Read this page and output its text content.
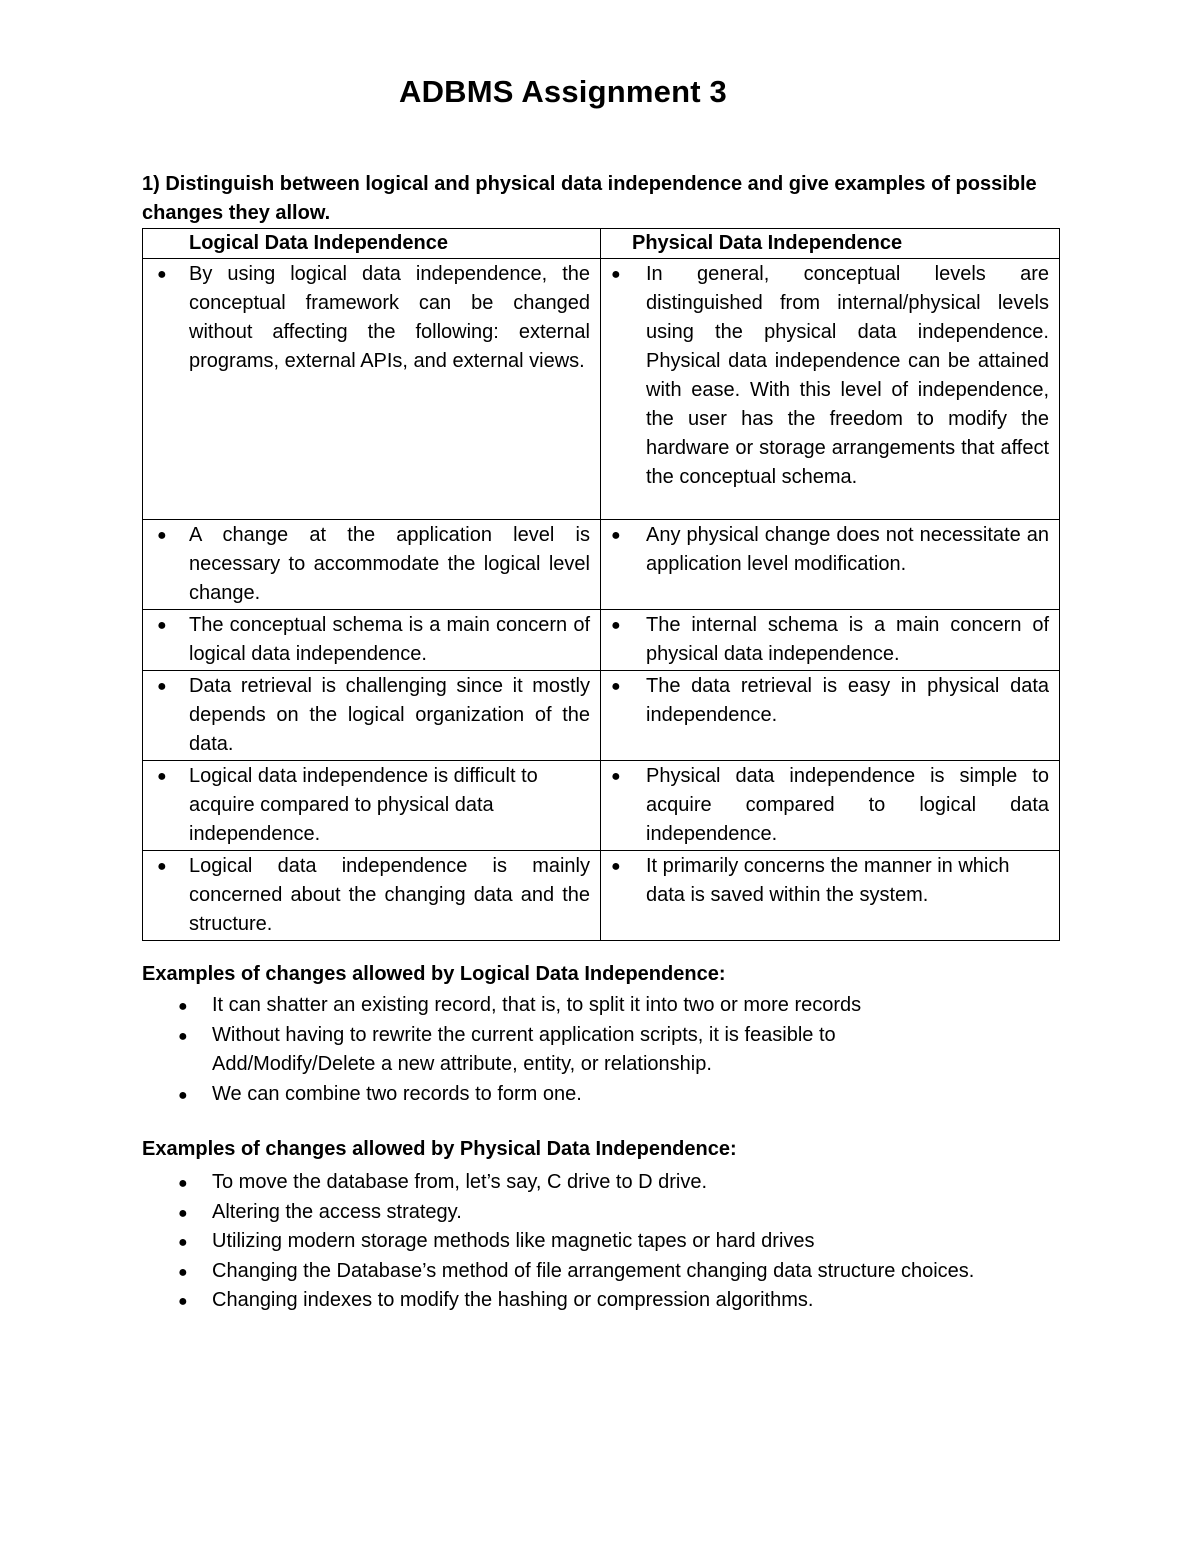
ADBMS Assignment 3
1) Distinguish between logical and physical data independence and give examples of possible changes they allow.
Logical Data Independence	Physical Data Independence

● By using logical data independence, the conceptual framework can be changed without affecting the following: external programs, external APIs, and external views.	● In general, conceptual levels are distinguished from internal/physical levels using the physical data independence. Physical data independence can be attained with ease. With this level of independence, the user has the freedom to modify the hardware or storage arrangements that affect the conceptual schema.

● A change at the application level is necessary to accommodate the logical level change.	● Any physical change does not necessitate an application level modification.

● The conceptual schema is a main concern of logical data independence.	● The internal schema is a main concern of physical data independence.

● Data retrieval is challenging since it mostly depends on the logical organization of the data.	● The data retrieval is easy in physical data independence.

● Logical data independence is difficult to acquire compared to physical data independence.	● Physical data independence is simple to acquire compared to logical data independence.

● Logical data independence is mainly concerned about the changing data and the structure.	● It primarily concerns the manner in which data is saved within the system.
Examples of changes allowed by Logical Data Independence:
● It can shatter an existing record, that is, to split it into two or more records
● Without having to rewrite the current application scripts, it is feasible to Add/Modify/Delete a new attribute, entity, or relationship.
● We can combine two records to form one.
Examples of changes allowed by Physical Data Independence:
● To move the database from, let’s say, C drive to D drive.
● Altering the access strategy.
● Utilizing modern storage methods like magnetic tapes or hard drives
● Changing the Database’s method of file arrangement changing data structure choices.
● Changing indexes to modify the hashing or compression algorithms.
